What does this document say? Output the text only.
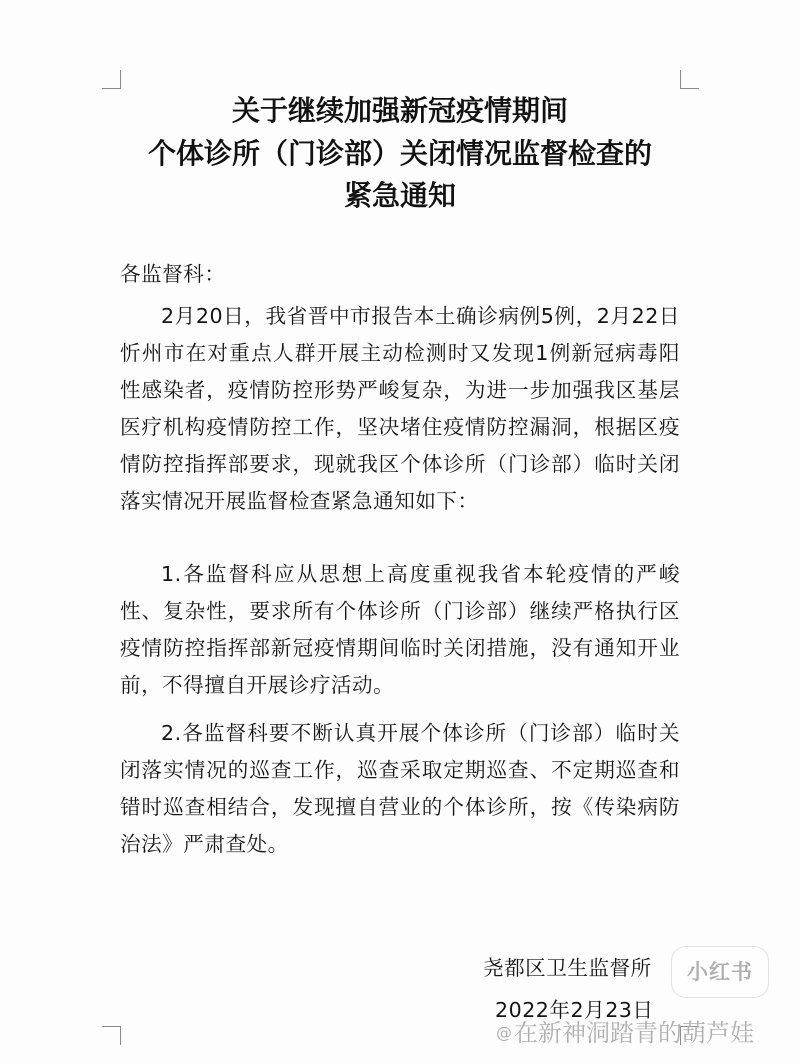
关于继续加强新冠疫情期间
个体诊所（门诊部）关闭情况监督检查的
紧急通知
各监督科：
2月20日，我省晋中市报告本土确诊病例5例，2月22日忻州市在对重点人群开展主动检测时又发现1例新冠病毒阳性感染者，疫情防控形势严峻复杂，为进一步加强我区基层医疗机构疫情防控工作，坚决堵住疫情防控漏洞，根据区疫情防控指挥部要求，现就我区个体诊所（门诊部）临时关闭落实情况开展监督检查紧急通知如下：
1.各监督科应从思想上高度重视我省本轮疫情的严峻性、复杂性，要求所有个体诊所（门诊部）继续严格执行区疫情防控指挥部新冠疫情期间临时关闭措施，没有通知开业前，不得擅自开展诊疗活动。
2.各监督科要不断认真开展个体诊所（门诊部）临时关闭落实情况的巡查工作，巡查采取定期巡查、不定期巡查和错时巡查相结合，发现擅自营业的个体诊所，按《传染病防治法》严肃查处。
尧都区卫生监督所
2022年2月23日
小红书
@在新神洞踏青的葫芦娃
